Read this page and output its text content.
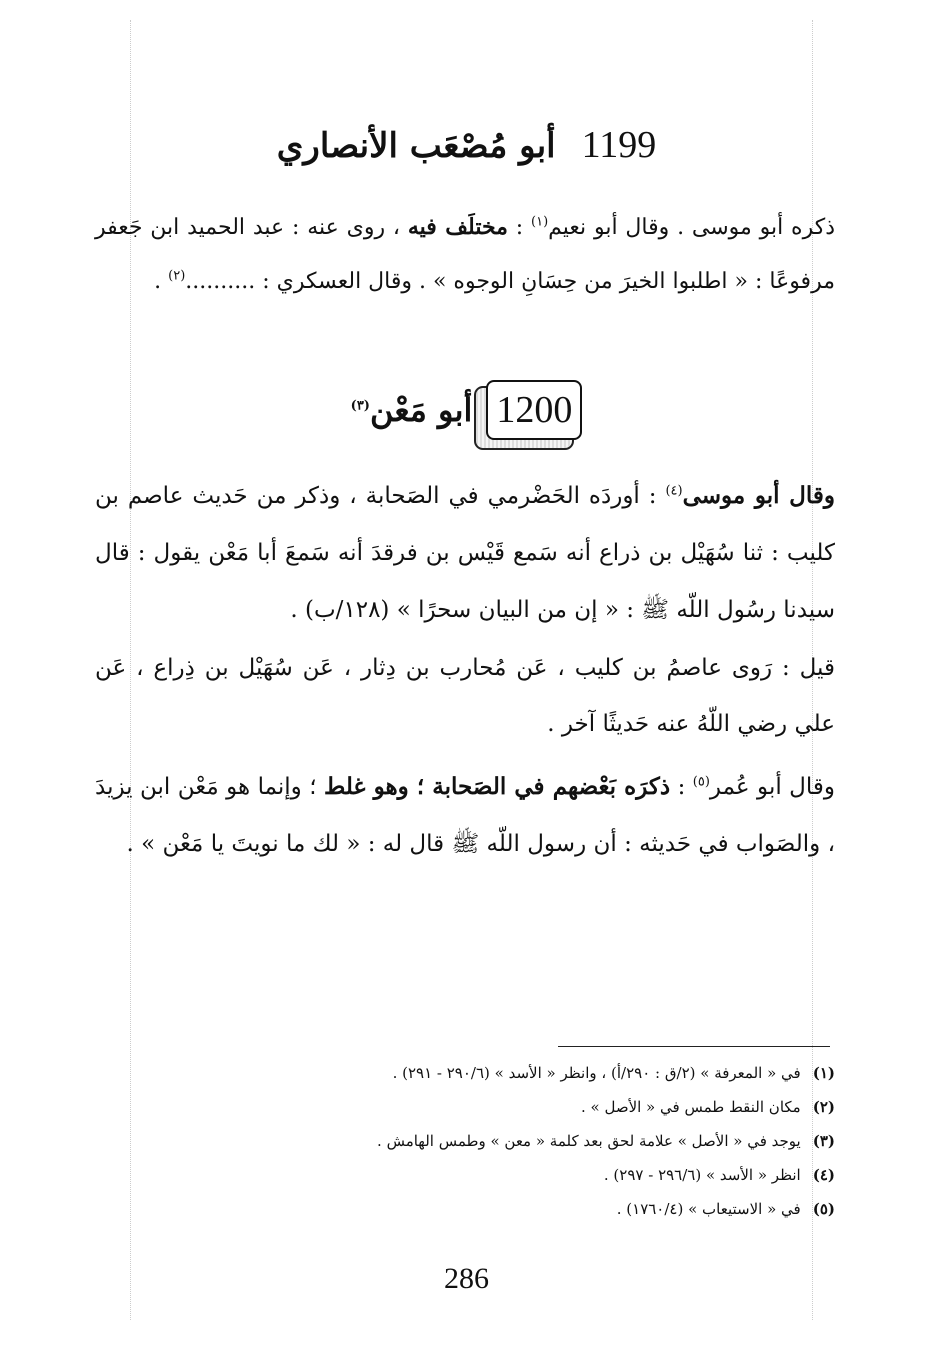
1199أبو مُصْعَب الأنصاري
ذكره أبو موسى . وقال أبو نعيم$^{(١)}$ : مختلَف فيه ، روى عنه : عبد الحميد ابن جَعفر مرفوعًا : « اطلبوا الخيرَ من حِسَانِ الوجوه » . وقال العسكري : ..........$^{(٢)}$ .
1200
أبو مَعْن$^{(٣)}$
وقال أبو موسى$^{(٤)}$ : أوردَه الحَضْرمي في الصَحابة ، وذكر من حَديث عاصم بن كليب : ثنا سُهَيْل بن ذراع أنه سَمع قَيْس بن فرقدَ أنه سَمعَ أبا مَعْن يقول : قال سيدنا رسُول اللّه ﷺ : « إن من البيان سحرًا » (١٢٨/ب) .
قيل : رَوى عاصمُ بن كليب ، عَن مُحارب بن دِثار ، عَن سُهَيْل بن ذِراع ، عَن علي رضي اللّهُ عنه حَديثًا آخر .
وقال أبو عُمر$^{(٥)}$ : ذكرَه بَعْضهم في الصَحابة ؛ وهو غلط ؛ وإنما هو مَعْن ابن يزيدَ ، والصَواب في حَديثه : أن رسول اللّه ﷺ قال له : « لك ما نويتَ يا مَعْن » .
(١)في « المعرفة » (٢/ق : ٢٩٠/أ) ، وانظر « الأسد » (٢٩٠/٦ - ٢٩١) .
(٢)مكان النقط طمس في « الأصل » .
(٣)يوجد في « الأصل » علامة لحق بعد كلمة « معن » وطمس الهامش .
(٤)انظر « الأسد » (٢٩٦/٦ - ٢٩٧) .
(٥)في « الاستيعاب » (١٧٦٠/٤) .
286
